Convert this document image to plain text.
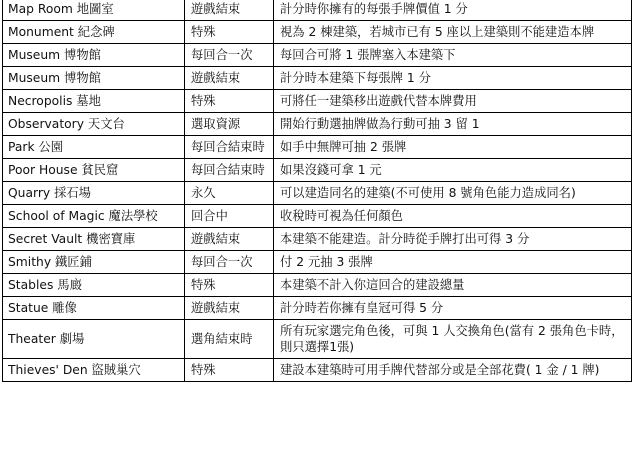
Map Room 地圖室	遊戲結束	計分時你擁有的每張手牌價值 1 分
Monument 紀念碑	特殊	視為 2 棟建築，若城市已有 5 座以上建築則不能建造本牌
Museum 博物館	每回合一次	每回合可將 1 張牌塞入本建築下
Museum 博物館	遊戲結束	計分時本建築下每張牌 1 分
Necropolis 墓地	特殊	可將任一建築移出遊戲代替本牌費用
Observatory 天文台	選取資源	開始行動選抽牌做為行動可抽 3 留 1
Park 公園	每回合結束時	如手中無牌可抽 2 張牌
Poor House 貧民窟	每回合結束時	如果沒錢可拿 1 元
Quarry 採石場	永久	可以建造同名的建築(不可使用 8 號角色能力造成同名)
School of Magic 魔法學校	回合中	收稅時可視為任何顏色
Secret Vault 機密寶庫	遊戲結束	本建築不能建造。計分時從手牌打出可得 3 分
Smithy 鐵匠鋪	每回合一次	付 2 元抽 3 張牌
Stables 馬廄	特殊	本建築不計入你這回合的建設總量
Statue 雕像	遊戲結束	計分時若你擁有皇冠可得 5 分
Theater 劇場	選角結束時	所有玩家選完角色後，可與 1 人交換角色(當有 2 張角色卡時，則只選擇1張)
Thieves' Den 盜賊巢穴	特殊	建設本建築時可用手牌代替部分或是全部花費( 1 金 / 1 牌)
